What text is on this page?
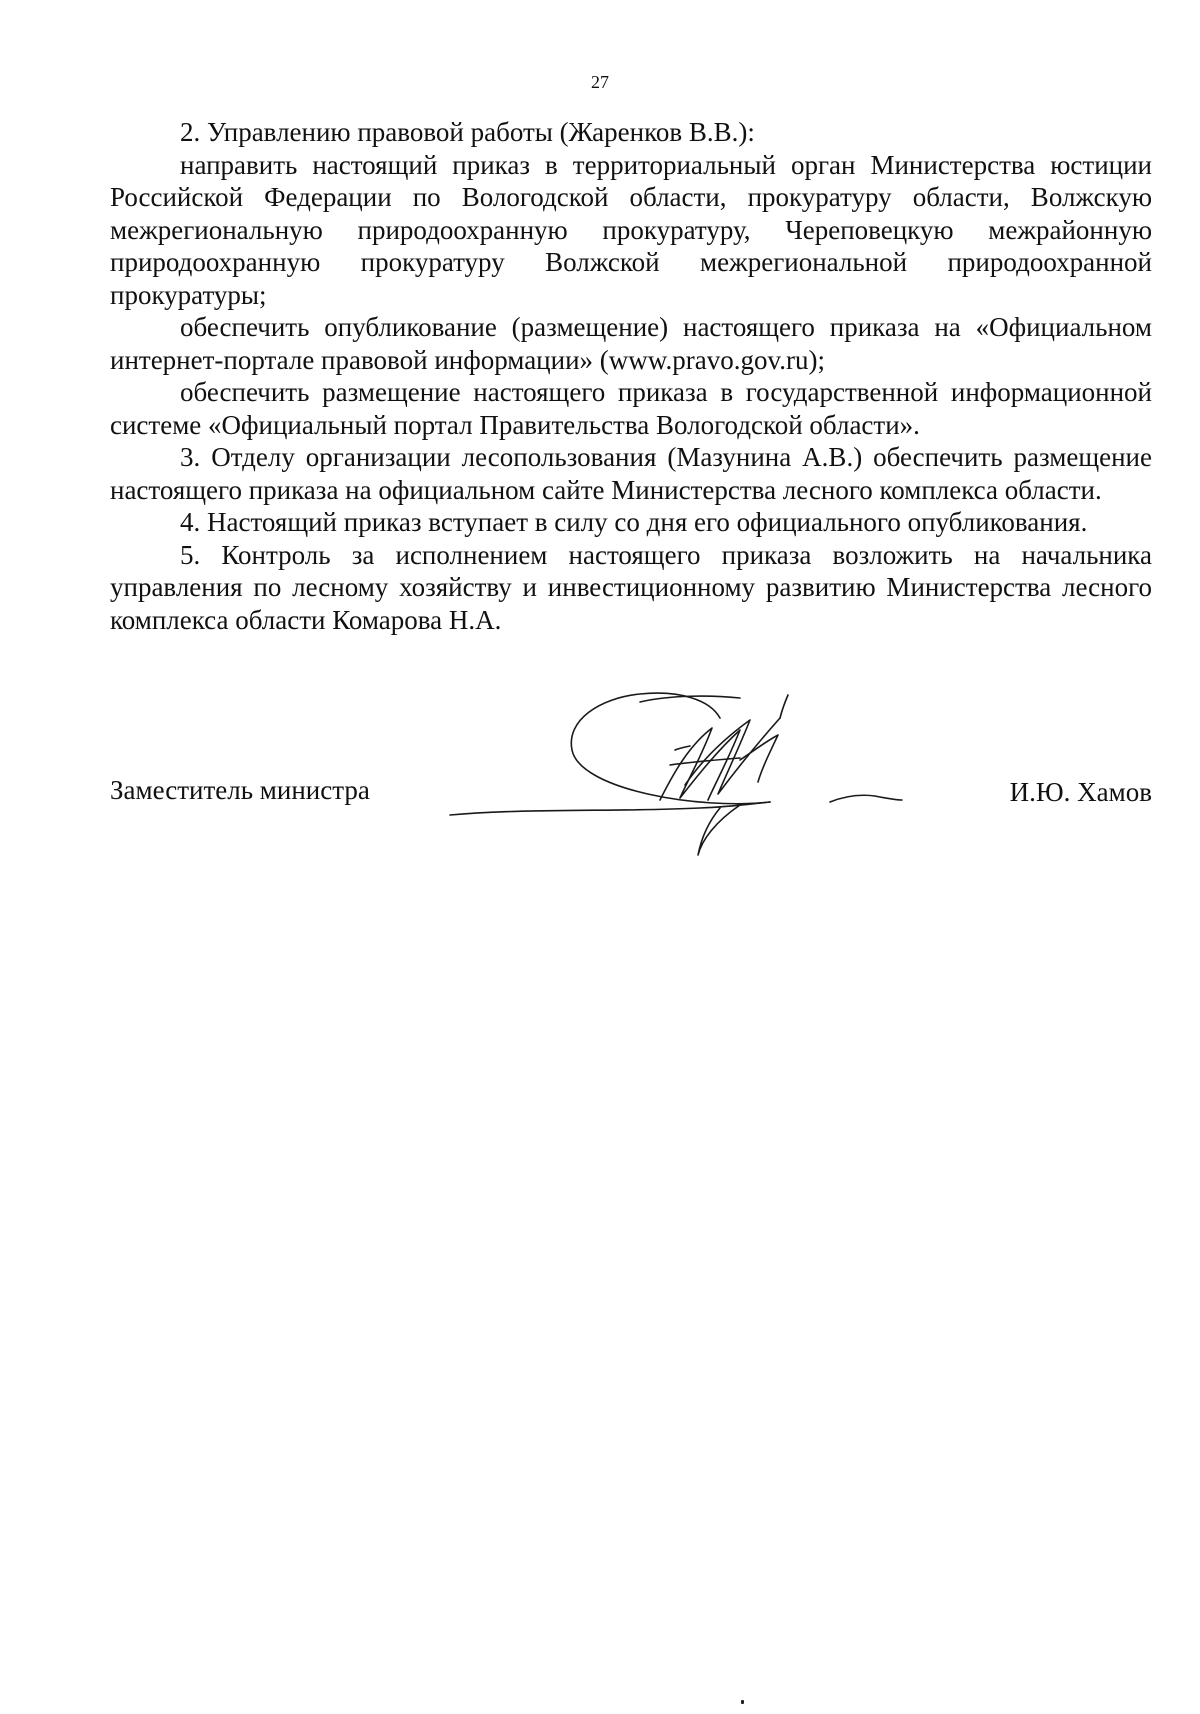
27

2. Управлению правовой работы (Жаренков В.В.):

направить настоящий приказ в территориальный орган Министерства юстиции Российской Федерации по Вологодской области, прокуратуру области, Волжскую межрегиональную природоохранную прокуратуру, Череповецкую межрайонную природоохранную прокуратуру Волжской межрегиональной природоохранной прокуратуры;

обеспечить опубликование (размещение) настоящего приказа на «Официальном интернет-портале правовой информации» (www.pravo.gov.ru);

обеспечить размещение настоящего приказа в государственной информационной системе «Официальный портал Правительства Вологодской области».

3. Отделу организации лесопользования (Мазунина А.В.) обеспечить размещение настоящего приказа на официальном сайте Министерства лесного комплекса области.

4. Настоящий приказ вступает в силу со дня его официального опубликования.

5. Контроль за исполнением настоящего приказа возложить на начальника управления по лесному хозяйству и инвестиционному развитию Министерства лесного комплекса области Комарова Н.А.

Заместитель министра	И.Ю. Хамов
